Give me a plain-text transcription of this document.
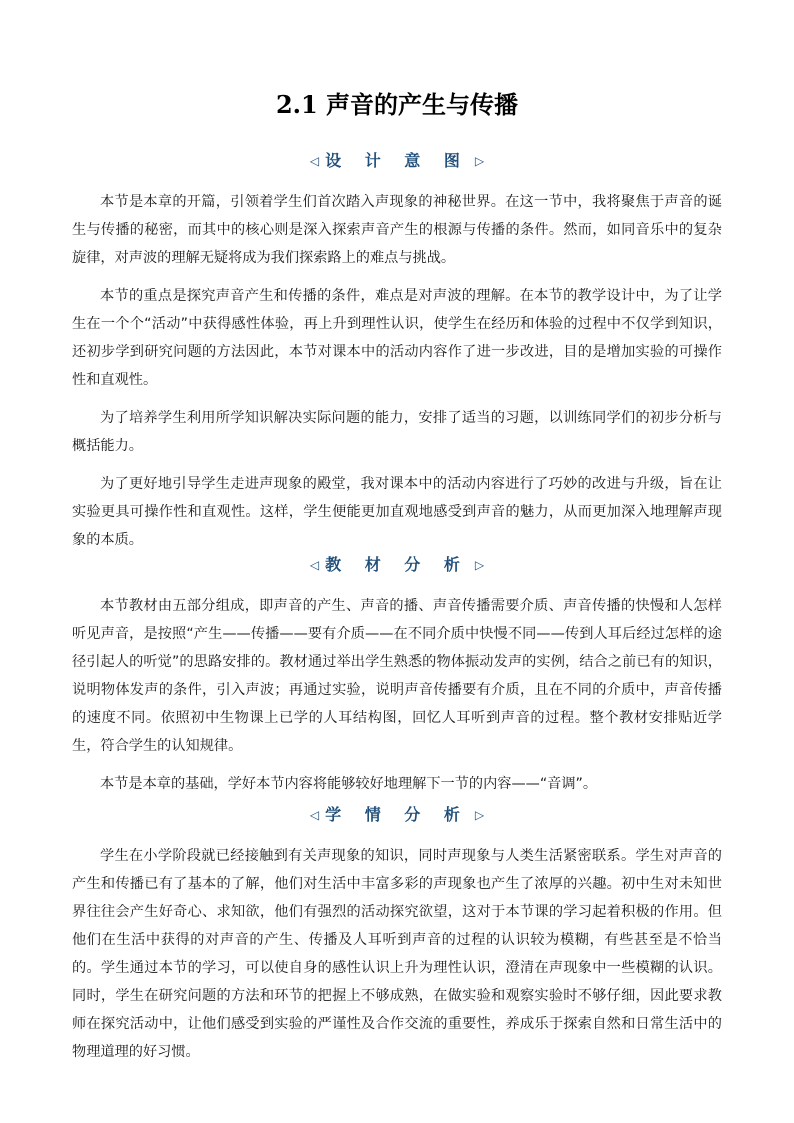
2.1 声音的产生与传播
◁ 设 计 意 图 ▷

本节是本章的开篇，引领着学生们首次踏入声现象的神秘世界。在这一节中，我将聚焦于声音的诞生与传播的秘密，而其中的核心则是深入探索声音产生的根源与传播的条件。然而，如同音乐中的复杂旋律，对声波的理解无疑将成为我们探索路上的难点与挑战。

本节的重点是探究声音产生和传播的条件，难点是对声波的理解。在本节的教学设计中，为了让学生在一个个“活动”中获得感性体验，再上升到理性认识，使学生在经历和体验的过程中不仅学到知识，还初步学到研究问题的方法因此，本节对课本中的活动内容作了进一步改进，目的是增加实验的可操作性和直观性。

为了培养学生利用所学知识解决实际问题的能力，安排了适当的习题，以训练同学们的初步分析与概括能力。

为了更好地引导学生走进声现象的殿堂，我对课本中的活动内容进行了巧妙的改进与升级，旨在让实验更具可操作性和直观性。这样，学生便能更加直观地感受到声音的魅力，从而更加深入地理解声现象的本质。

◁ 教 材 分 析 ▷

本节教材由五部分组成，即声音的产生、声音的播、声音传播需要介质、声音传播的快慢和人怎样听见声音，是按照“产生——传播——要有介质——在不同介质中快慢不同——传到人耳后经过怎样的途径引起人的听觉”的思路安排的。教材通过举出学生熟悉的物体振动发声的实例，结合之前已有的知识，说明物体发声的条件，引入声波；再通过实验，说明声音传播要有介质，且在不同的介质中，声音传播的速度不同。依照初中生物课上已学的人耳结构图，回忆人耳听到声音的过程。整个教材安排贴近学生，符合学生的认知规律。

本节是本章的基础，学好本节内容将能够较好地理解下一节的内容——“音调”。

◁ 学 情 分 析 ▷

学生在小学阶段就已经接触到有关声现象的知识，同时声现象与人类生活紧密联系。学生对声音的产生和传播已有了基本的了解，他们对生活中丰富多彩的声现象也产生了浓厚的兴趣。初中生对未知世界往往会产生好奇心、求知欲，他们有强烈的活动探究欲望，这对于本节课的学习起着积极的作用。但他们在生活中获得的对声音的产生、传播及人耳听到声音的过程的认识较为模糊，有些甚至是不恰当的。学生通过本节的学习，可以使自身的感性认识上升为理性认识，澄清在声现象中一些模糊的认识。同时，学生在研究问题的方法和环节的把握上不够成熟，在做实验和观察实验时不够仔细，因此要求教师在探究活动中，让他们感受到实验的严谨性及合作交流的重要性，养成乐于探索自然和日常生活中的物理道理的好习惯。
